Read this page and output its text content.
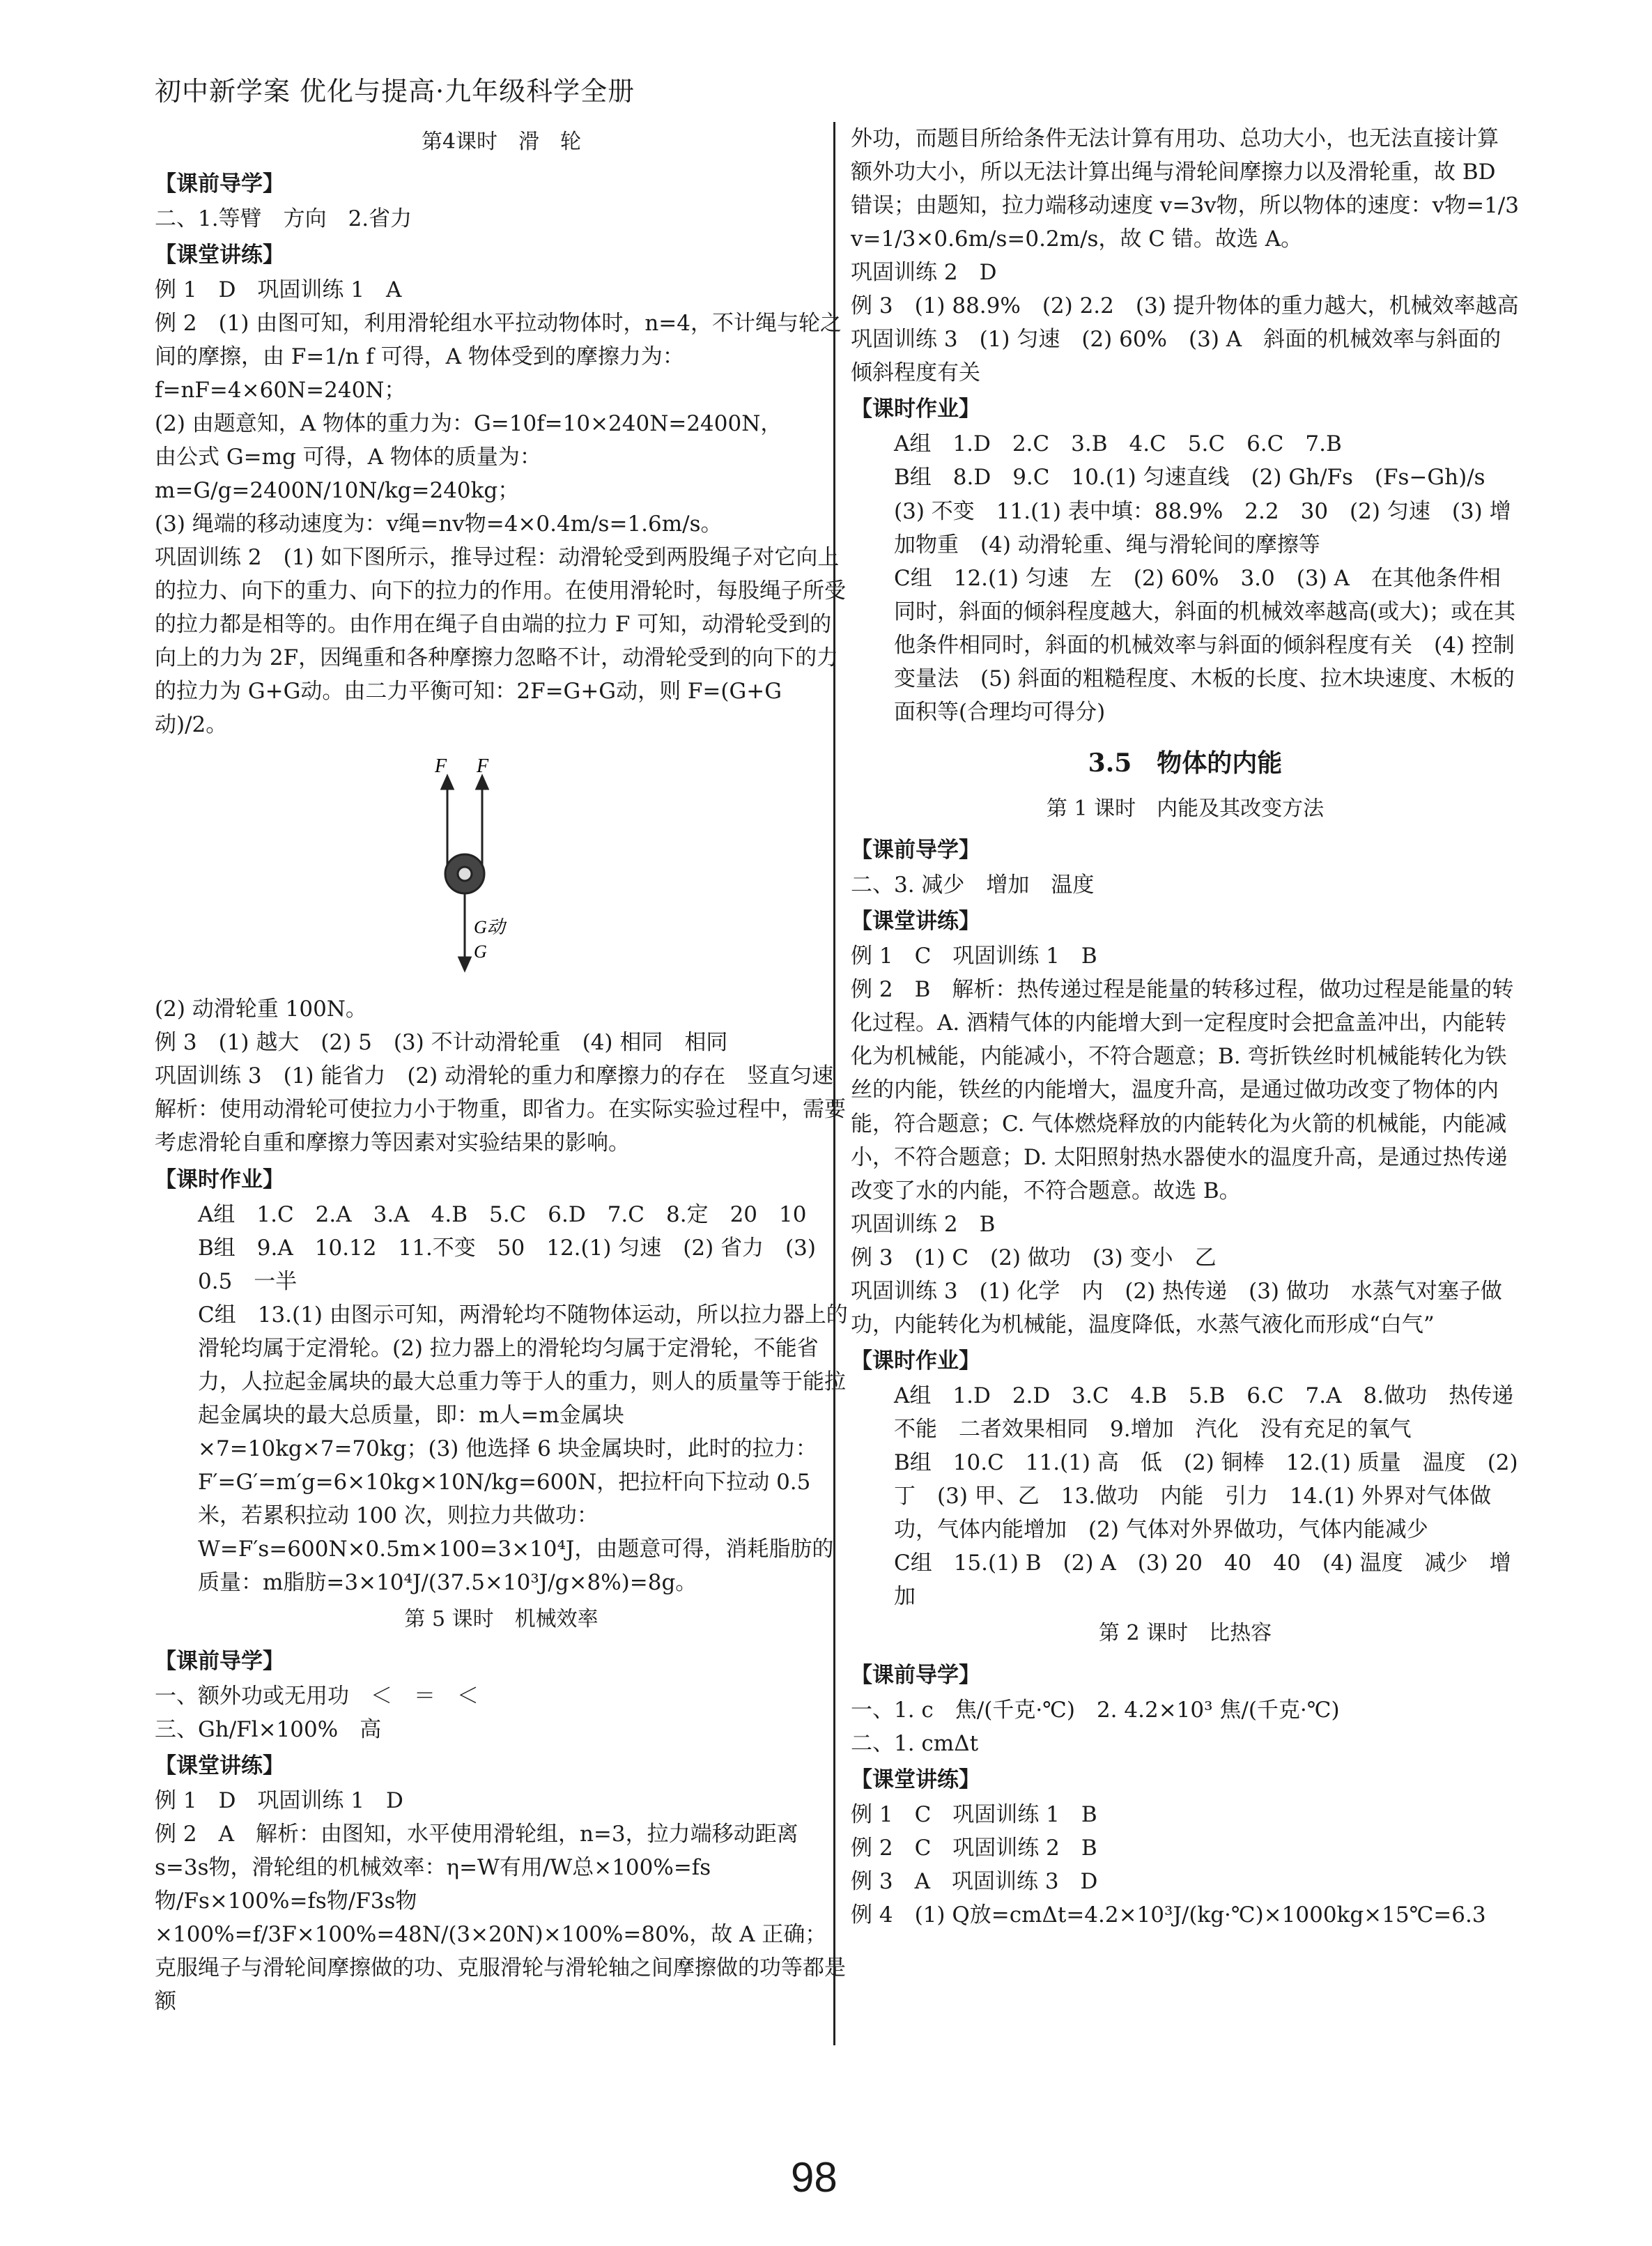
初中新学案 优化与提高·九年级科学全册

第4课时　滑　轮

【课前导学】

二、1.等臂　方向　2.省力

【课堂讲练】

例 1　D　巩固训练 1　A

例 2　(1) 由图可知，利用滑轮组水平拉动物体时，n=4，不计绳与轮之间的摩擦，由 F=1/n f 可得，A 物体受到的摩擦力为：f=nF=4×60N=240N；

(2) 由题意知，A 物体的重力为：G=10f=10×240N=2400N，

由公式 G=mg 可得，A 物体的质量为：m=G/g=2400N/10N/kg=240kg；

(3) 绳端的移动速度为：v绳=nv物=4×0.4m/s=1.6m/s。

巩固训练 2　(1) 如下图所示，推导过程：动滑轮受到两股绳子对它向上的拉力、向下的重力、向下的拉力的作用。在使用滑轮时，每股绳子所受的拉力都是相等的。由作用在绳子自由端的拉力 F 可知，动滑轮受到的向上的力为 2F，因绳重和各种摩擦力忽略不计，动滑轮受到的向下的力的拉力为 G+G动。由二力平衡可知：2F=G+G动，则 F=(G+G动)/2。

F F
G动
G

(2) 动滑轮重 100N。

例 3　(1) 越大　(2) 5　(3) 不计动滑轮重　(4) 相同　相同

巩固训练 3　(1) 能省力　(2) 动滑轮的重力和摩擦力的存在　竖直匀速　解析：使用动滑轮可使拉力小于物重，即省力。在实际实验过程中，需要考虑滑轮自重和摩擦力等因素对实验结果的影响。

【课时作业】

A组　1.C　2.A　3.A　4.B　5.C　6.D　7.C　8.定　20　10

B组　9.A　10.12　11.不变　50　12.(1) 匀速　(2) 省力　(3) 0.5　一半

C组　13.(1) 由图示可知，两滑轮均不随物体运动，所以拉力器上的滑轮均属于定滑轮。(2) 拉力器上的滑轮均匀属于定滑轮，不能省力，人拉起金属块的最大总重力等于人的重力，则人的质量等于能拉起金属块的最大总质量，即：m人=m金属块×7=10kg×7=70kg；(3) 他选择 6 块金属块时，此时的拉力：F′=G′=m′g=6×10kg×10N/kg=600N，把拉杆向下拉动 0.5 米，若累积拉动 100 次，则拉力共做功：W=F′s=600N×0.5m×100=3×10⁴J，由题意可得，消耗脂肪的质量：m脂肪=3×10⁴J/(37.5×10³J/g×8%)=8g。

第 5 课时　机械效率

【课前导学】

一、额外功或无用功　＜　＝　＜

三、Gh/Fl×100%　高

【课堂讲练】

例 1　D　巩固训练 1　D

例 2　A　解析：由图知，水平使用滑轮组，n=3，拉力端移动距离 s=3s物，滑轮组的机械效率：η=W有用/W总×100%=fs物/Fs×100%=fs物/F3s物×100%=f/3F×100%=48N/(3×20N)×100%=80%，故 A 正确；克服绳子与滑轮间摩擦做的功、克服滑轮与滑轮轴之间摩擦做的功等都是额

外功，而题目所给条件无法计算有用功、总功大小，也无法直接计算额外功大小，所以无法计算出绳与滑轮间摩擦力以及滑轮重，故 BD 错误；由题知，拉力端移动速度 v=3v物，所以物体的速度：v物=1/3 v=1/3×0.6m/s=0.2m/s，故 C 错。故选 A。

巩固训练 2　D

例 3　(1) 88.9%　(2) 2.2　(3) 提升物体的重力越大，机械效率越高

巩固训练 3　(1) 匀速　(2) 60%　(3) A　斜面的机械效率与斜面的倾斜程度有关

【课时作业】

A组　1.D　2.C　3.B　4.C　5.C　6.C　7.B

B组　8.D　9.C　10.(1) 匀速直线　(2) Gh/Fs　(Fs−Gh)/s　(3) 不变　11.(1) 表中填：88.9%　2.2　30　(2) 匀速　(3) 增加物重　(4) 动滑轮重、绳与滑轮间的摩擦等

C组　12.(1) 匀速　左　(2) 60%　3.0　(3) A　在其他条件相同时，斜面的倾斜程度越大，斜面的机械效率越高(或大)；或在其他条件相同时，斜面的机械效率与斜面的倾斜程度有关　(4) 控制变量法　(5) 斜面的粗糙程度、木板的长度、拉木块速度、木板的面积等(合理均可得分)

3.5　物体的内能

第 1 课时　内能及其改变方法

【课前导学】

二、3. 减少　增加　温度

【课堂讲练】

例 1　C　巩固训练 1　B

例 2　B　解析：热传递过程是能量的转移过程，做功过程是能量的转化过程。A. 酒精气体的内能增大到一定程度时会把盒盖冲出，内能转化为机械能，内能减小，不符合题意；B. 弯折铁丝时机械能转化为铁丝的内能，铁丝的内能增大，温度升高，是通过做功改变了物体的内能，符合题意；C. 气体燃烧释放的内能转化为火箭的机械能，内能减小，不符合题意；D. 太阳照射热水器使水的温度升高，是通过热传递改变了水的内能，不符合题意。故选 B。

巩固训练 2　B

例 3　(1) C　(2) 做功　(3) 变小　乙

巩固训练 3　(1) 化学　内　(2) 热传递　(3) 做功　水蒸气对塞子做功，内能转化为机械能，温度降低，水蒸气液化而形成“白气”

【课时作业】

A组　1.D　2.D　3.C　4.B　5.B　6.C　7.A　8.做功　热传递　不能　二者效果相同　9.增加　汽化　没有充足的氧气

B组　10.C　11.(1) 高　低　(2) 铜棒　12.(1) 质量　温度　(2) 丁　(3) 甲、乙　13.做功　内能　引力　14.(1) 外界对气体做功，气体内能增加　(2) 气体对外界做功，气体内能减少

C组　15.(1) B　(2) A　(3) 20　40　40　(4) 温度　减少　增加

第 2 课时　比热容

【课前导学】

一、1. c　焦/(千克·℃)　2. 4.2×10³ 焦/(千克·℃)

二、1. cmΔt

【课堂讲练】

例 1　C　巩固训练 1　B

例 2　C　巩固训练 2　B

例 3　A　巩固训练 3　D

例 4　(1) Q放=cmΔt=4.2×10³J/(kg·℃)×1000kg×15℃=6.3

98
